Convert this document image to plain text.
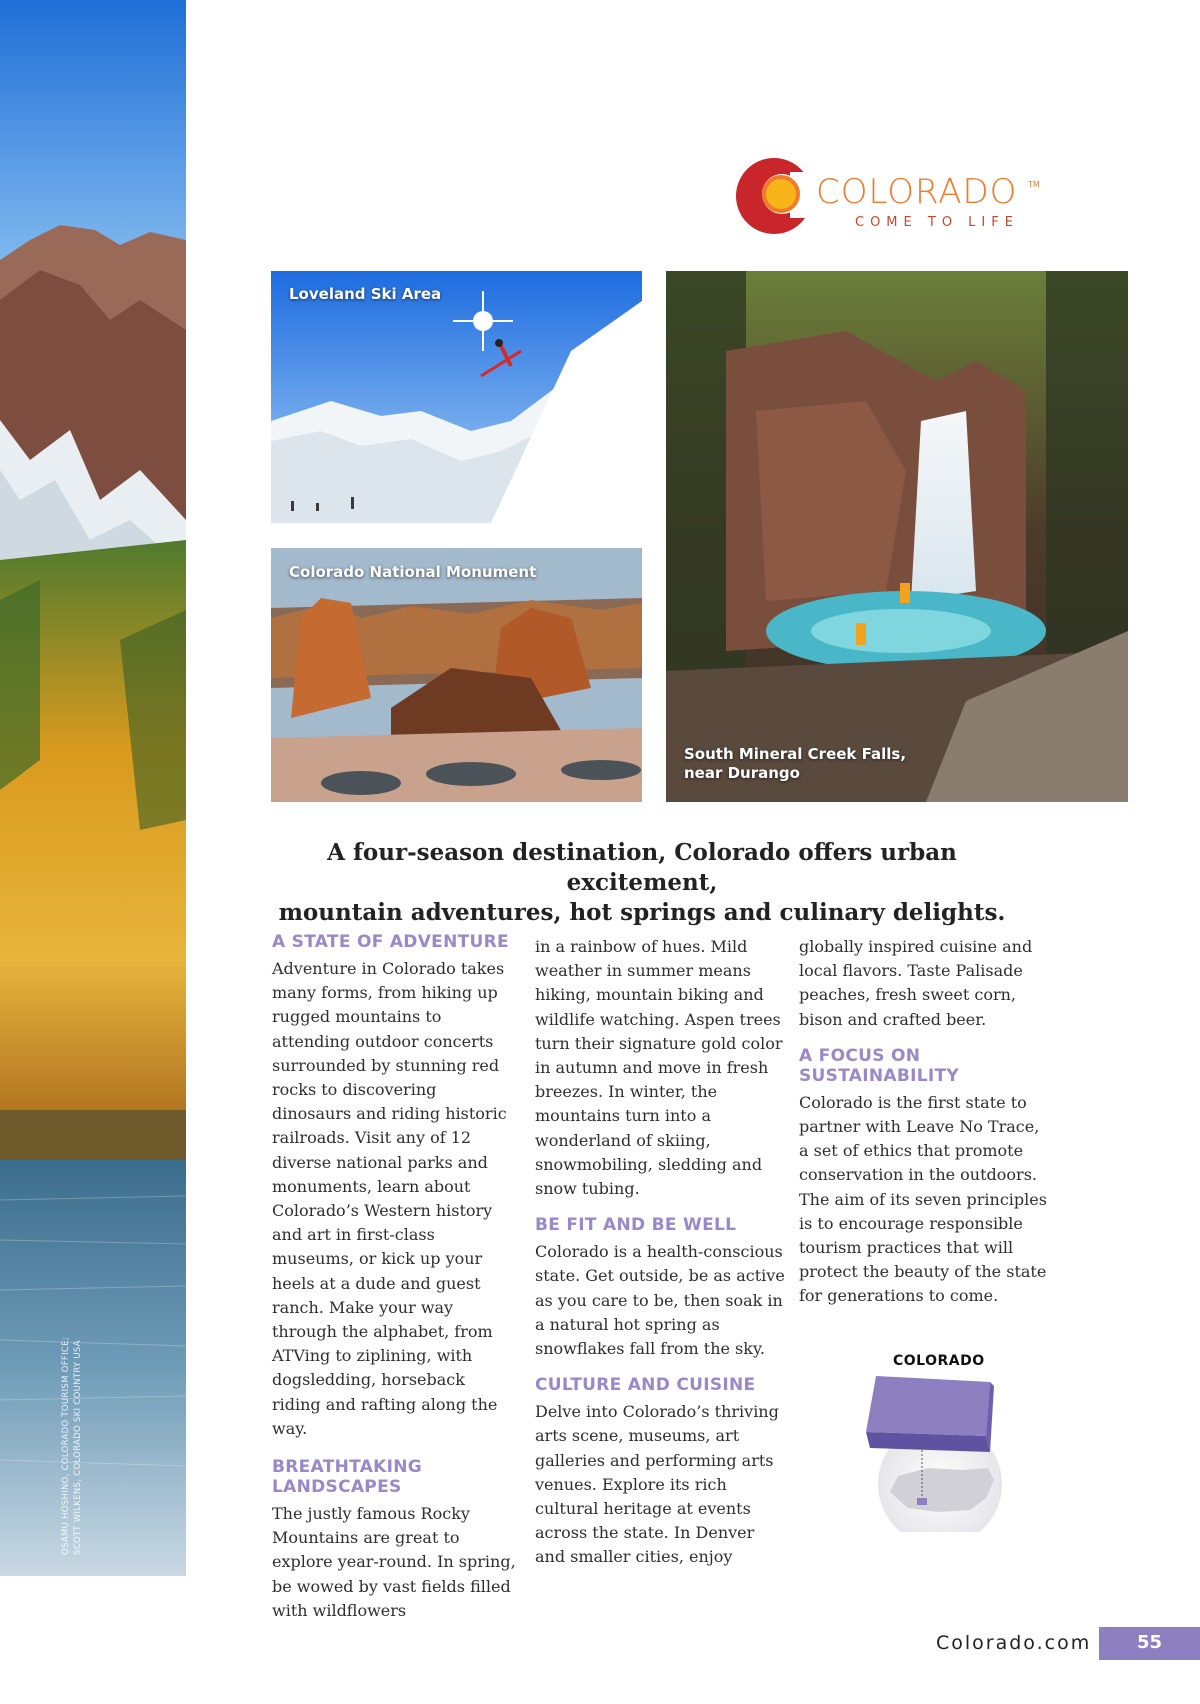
OSAMU HOSHINO, COLORADO TOURISM OFFICE; SCOTT WILKENS, COLORADO SKI COUNTRY USA
COLORADO TM
COME TO LIFE
Loveland Ski Area
Colorado National Monument
South Mineral Creek Falls,
near Durango
A four-season destination, Colorado offers urban excitement,
mountain adventures, hot springs and culinary delights.
A STATE OF ADVENTURE

Adventure in Colorado takes many forms, from hiking up rugged mountains to attending outdoor concerts surrounded by stunning red rocks to discovering dinosaurs and riding historic railroads. Visit any of 12 diverse national parks and monuments, learn about Colorado’s Western history and art in first-class museums, or kick up your heels at a dude and guest ranch. Make your way through the alphabet, from ATVing to ziplining, with dogsledding, horseback riding and rafting along the way.

BREATHTAKING
LANDSCAPES

The justly famous Rocky Mountains are great to explore year-round. In spring, be wowed by vast fields filled with wildflowers

in a rainbow of hues. Mild weather in summer means hiking, mountain biking and wildlife watching. Aspen trees turn their signature gold color in autumn and move in fresh breezes. In winter, the mountains turn into a wonderland of skiing, snowmobiling, sledding and snow tubing.

BE FIT AND BE WELL

Colorado is a health-conscious state. Get outside, be as active as you care to be, then soak in a natural hot spring as snowflakes fall from the sky.

CULTURE AND CUISINE

Delve into Colorado’s thriving arts scene, museums, art galleries and performing arts venues. Explore its rich cultural heritage at events across the state. In Denver and smaller cities, enjoy

globally inspired cuisine and local flavors. Taste Palisade peaches, fresh sweet corn, bison and crafted beer.

A FOCUS ON
SUSTAINABILITY

Colorado is the first state to partner with Leave No Trace, a set of ethics that promote conservation in the outdoors. The aim of its seven principles is to encourage responsible tourism practices that will protect the beauty of the state for generations to come.

COLORADO
Colorado.com	55
